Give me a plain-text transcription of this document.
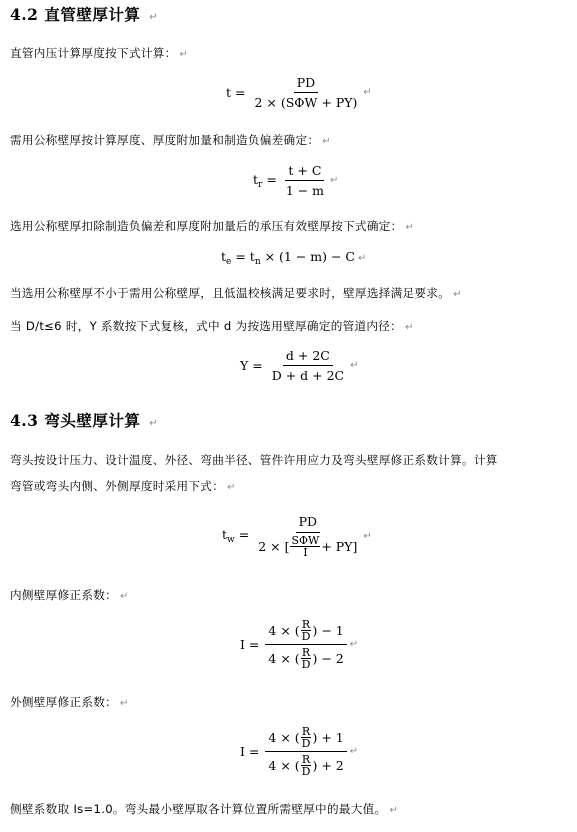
4.2 直管壁厚计算 ↵
直管内压计算厚度按下式计算： ↵
$t = \frac{PD}{\text{2 × (SΦW + PY)}}$ ↵
需用公称壁厚按计算厚度、厚度附加量和制造负偏差确定： ↵
$t_r = \frac{t + C}{1 - m}$ ↵
选用公称壁厚扣除制造负偏差和厚度附加量后的承压有效壁厚按下式确定： ↵
$t_e = t_n \times (1 - m) - C$ ↵
当选用公称壁厚不小于需用公称壁厚，且低温校核满足要求时，壁厚选择满足要求。 ↵
当 D/t≤6 时，Y 系数按下式复核，式中 d 为按选用壁厚确定的管道内径： ↵
$Y = \frac{d + 2C}{D + d + 2C}$ ↵
4.3 弯头壁厚计算 ↵
弯头按设计压力、设计温度、外径、弯曲半径、管件许用应力及弯头壁厚修正系数计算。计算
弯管或弯头内侧、外侧厚度时采用下式： ↵
$t_w = \frac{PD}{2 \times [ \frac{\text{SΦW}}{I} + PY]}$ ↵
内侧壁厚修正系数： ↵
$I = \frac{4 \times ( \frac{R}{D} ) - 1}{4 \times ( \frac{R}{D} ) - 2}$ ↵
外侧壁厚修正系数： ↵
$I = \frac{4 \times ( \frac{R}{D} ) + 1}{4 \times ( \frac{R}{D} ) + 2}$ ↵
侧壁系数取 Is=1.0。弯头最小壁厚取各计算位置所需壁厚中的最大值。 ↵
